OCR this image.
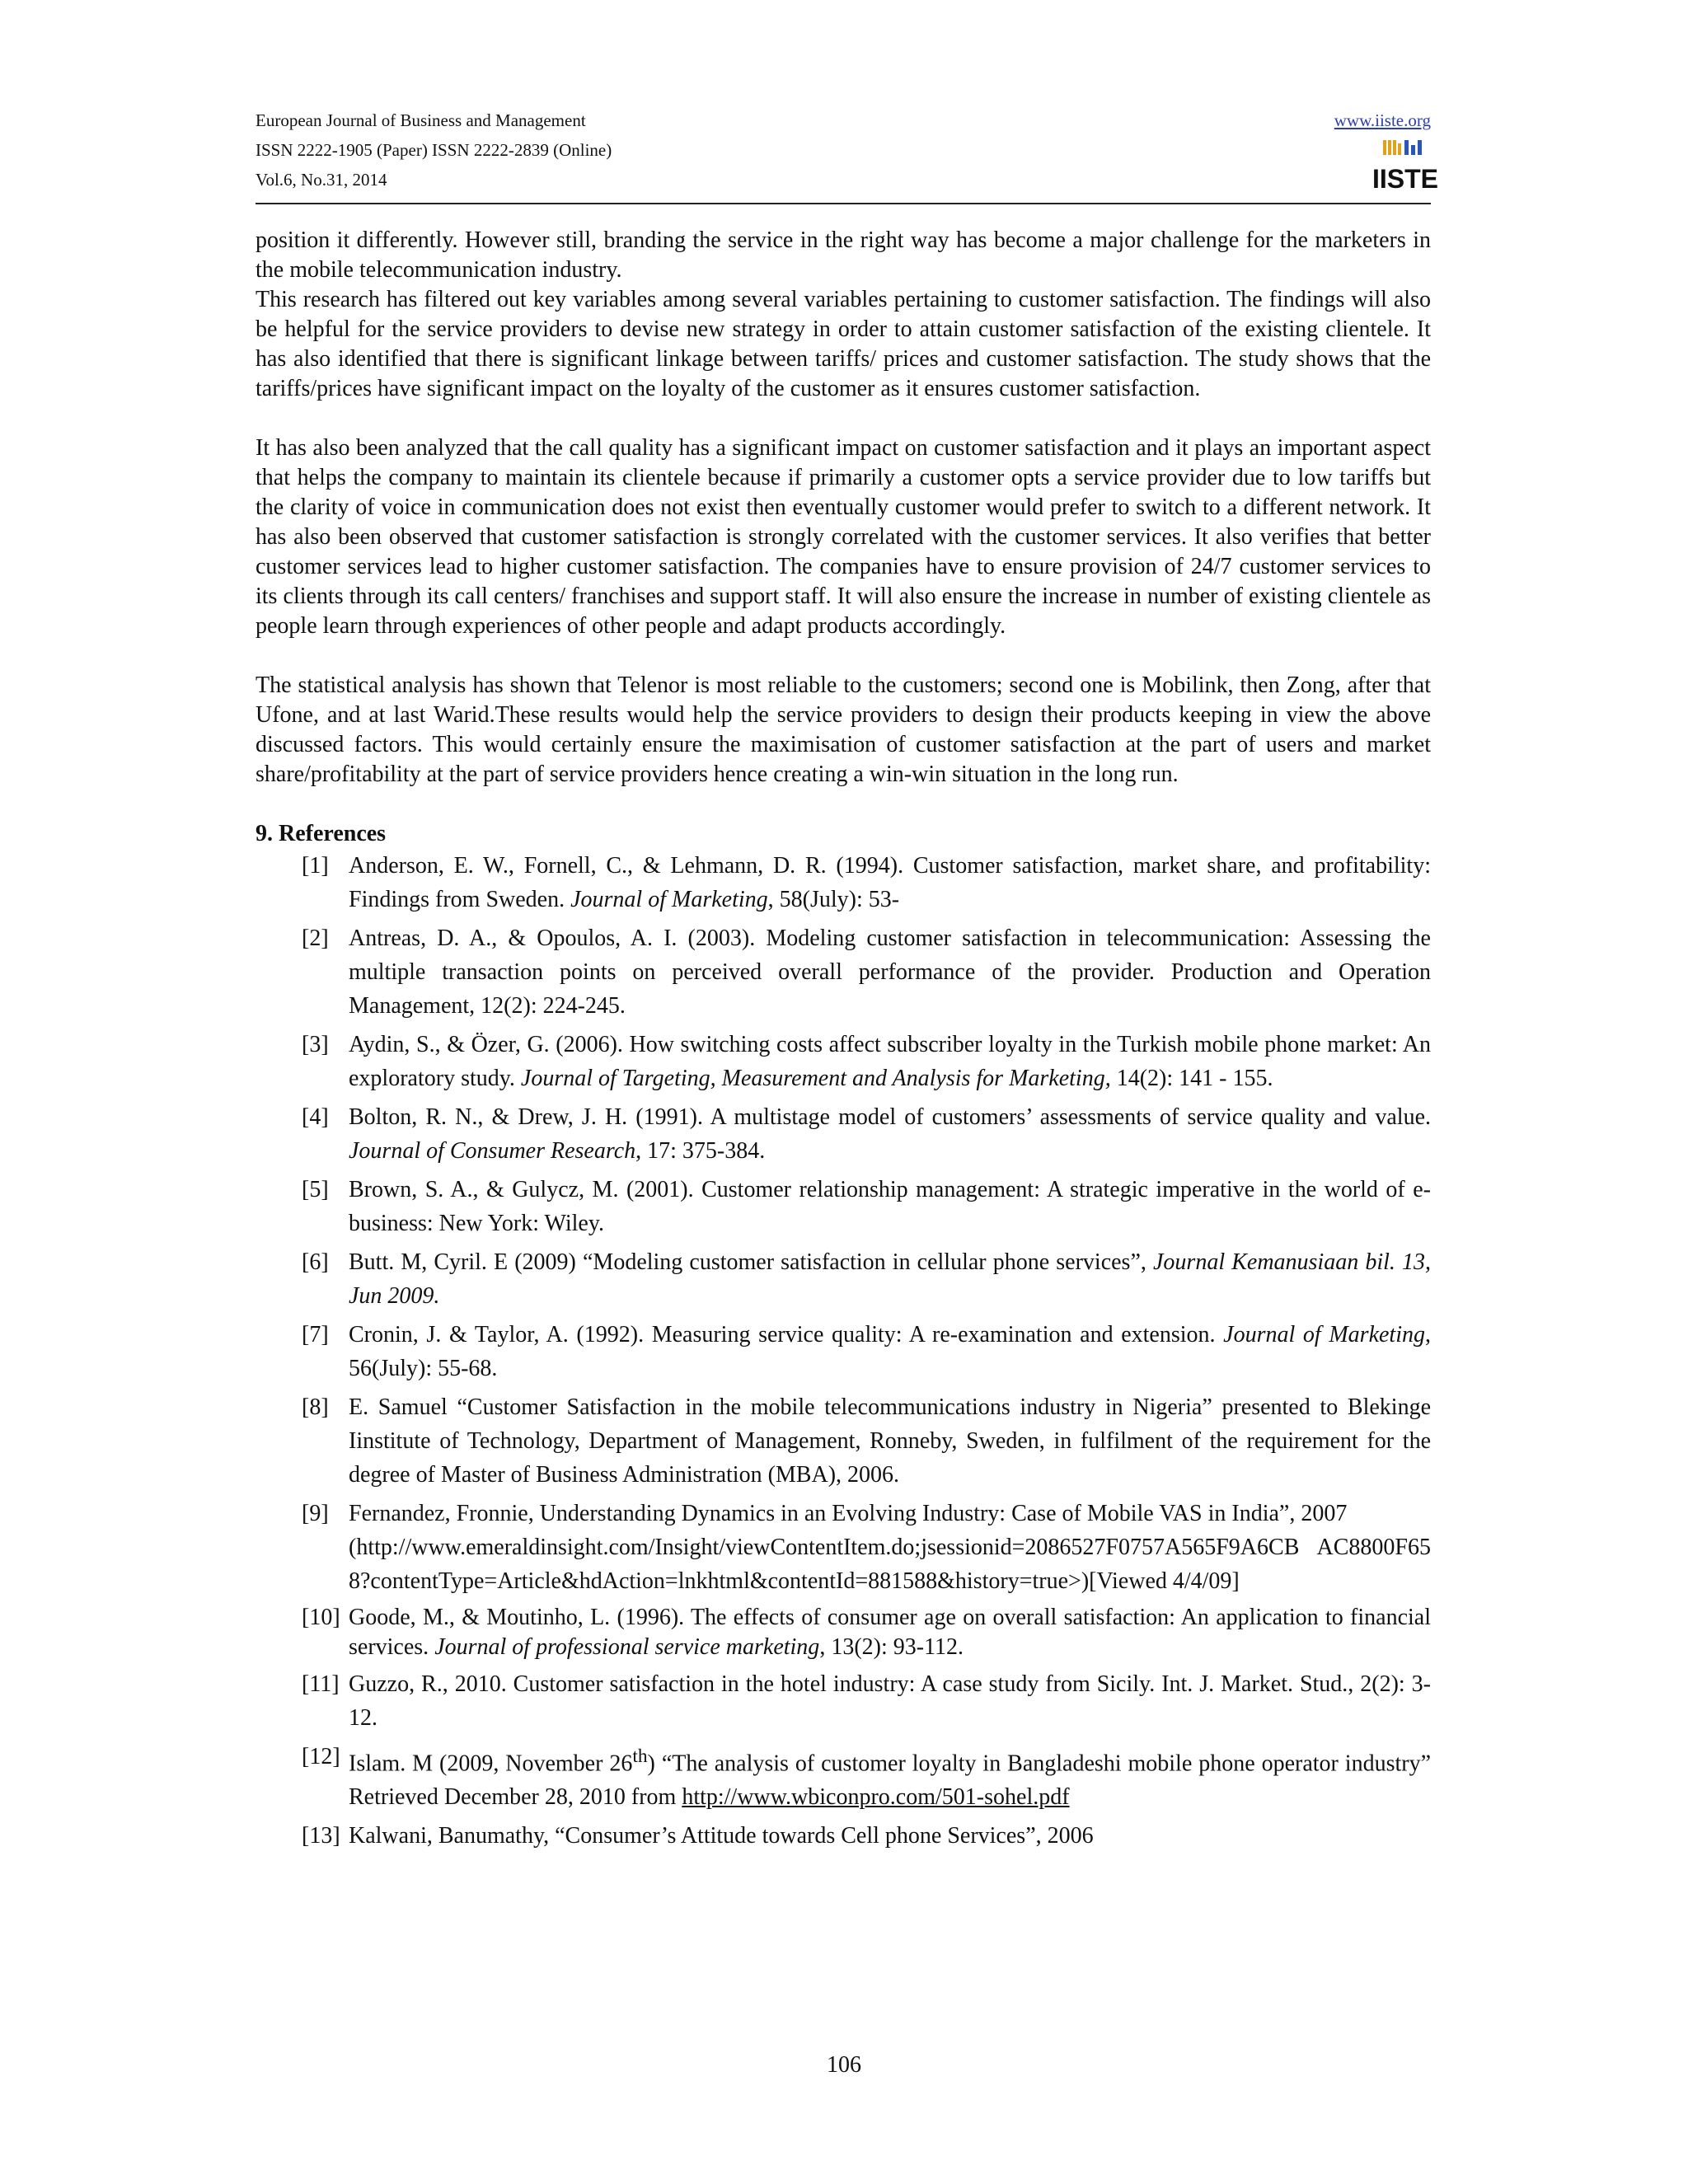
European Journal of Business and Management
ISSN 2222-1905 (Paper) ISSN 2222-2839 (Online)
Vol.6, No.31, 2014
www.iiste.org
IISTE

position it differently. However still, branding the service in the right way has become a major challenge for the marketers in the mobile telecommunication industry.

This research has filtered out key variables among several variables pertaining to customer satisfaction. The findings will also be helpful for the service providers to devise new strategy in order to attain customer satisfaction of the existing clientele. It has also identified that there is significant linkage between tariffs/ prices and customer satisfaction. The study shows that the tariffs/prices have significant impact on the loyalty of the customer as it ensures customer satisfaction.

It has also been analyzed that the call quality has a significant impact on customer satisfaction and it plays an important aspect that helps the company to maintain its clientele because if primarily a customer opts a service provider due to low tariffs but the clarity of voice in communication does not exist then eventually customer would prefer to switch to a different network. It has also been observed that customer satisfaction is strongly correlated with the customer services. It also verifies that better customer services lead to higher customer satisfaction. The companies have to ensure provision of 24/7 customer services to its clients through its call centers/ franchises and support staff. It will also ensure the increase in number of existing clientele as people learn through experiences of other people and adapt products accordingly.

The statistical analysis has shown that Telenor is most reliable to the customers; second one is Mobilink, then Zong, after that Ufone, and at last Warid.These results would help the service providers to design their products keeping in view the above discussed factors. This would certainly ensure the maximisation of customer satisfaction at the part of users and market share/profitability at the part of service providers hence creating a win-win situation in the long run.

9. References

[1] Anderson, E. W., Fornell, C., & Lehmann, D. R. (1994). Customer satisfaction, market share, and profitability: Findings from Sweden. Journal of Marketing, 58(July): 53-
[2] Antreas, D. A., & Opoulos, A. I. (2003). Modeling customer satisfaction in telecommunication: Assessing the multiple transaction points on perceived overall performance of the provider. Production and Operation Management, 12(2): 224-245.
[3] Aydin, S., & Özer, G. (2006). How switching costs affect subscriber loyalty in the Turkish mobile phone market: An exploratory study. Journal of Targeting, Measurement and Analysis for Marketing, 14(2): 141 - 155.
[4] Bolton, R. N., & Drew, J. H. (1991). A multistage model of customers’ assessments of service quality and value. Journal of Consumer Research, 17: 375-384.
[5] Brown, S. A., & Gulycz, M. (2001). Customer relationship management: A strategic imperative in the world of e-business: New York: Wiley.
[6] Butt. M, Cyril. E (2009) “Modeling customer satisfaction in cellular phone services”, Journal Kemanusiaan bil. 13, Jun 2009.
[7] Cronin, J. & Taylor, A. (1992). Measuring service quality: A re-examination and extension. Journal of Marketing, 56(July): 55-68.
[8] E. Samuel “Customer Satisfaction in the mobile telecommunications industry in Nigeria” presented to Blekinge Iinstitute of Technology, Department of Management, Ronneby, Sweden, in fulfilment of the requirement for the degree of Master of Business Administration (MBA), 2006.
[9] Fernandez, Fronnie, Understanding Dynamics in an Evolving Industry: Case of Mobile VAS in India”, 2007
(http://www.emeraldinsight.com/Insight/viewContentItem.do;jsessionid=2086527F0757A565F9A6CB AC8800F658?contentType=Article&hdAction=lnkhtml&contentId=881588&history=true>)[Viewed 4/4/09]
[10] Goode, M., & Moutinho, L. (1996). The effects of consumer age on overall satisfaction: An application to financial services. Journal of professional service marketing, 13(2): 93-112.
[11] Guzzo, R., 2010. Customer satisfaction in the hotel industry: A case study from Sicily. Int. J. Market. Stud., 2(2): 3-12.
[12] Islam. M (2009, November 26th) “The analysis of customer loyalty in Bangladeshi mobile phone operator industry” Retrieved December 28, 2010 from http://www.wbiconpro.com/501-sohel.pdf
[13] Kalwani, Banumathy, “Consumer’s Attitude towards Cell phone Services”, 2006
106
